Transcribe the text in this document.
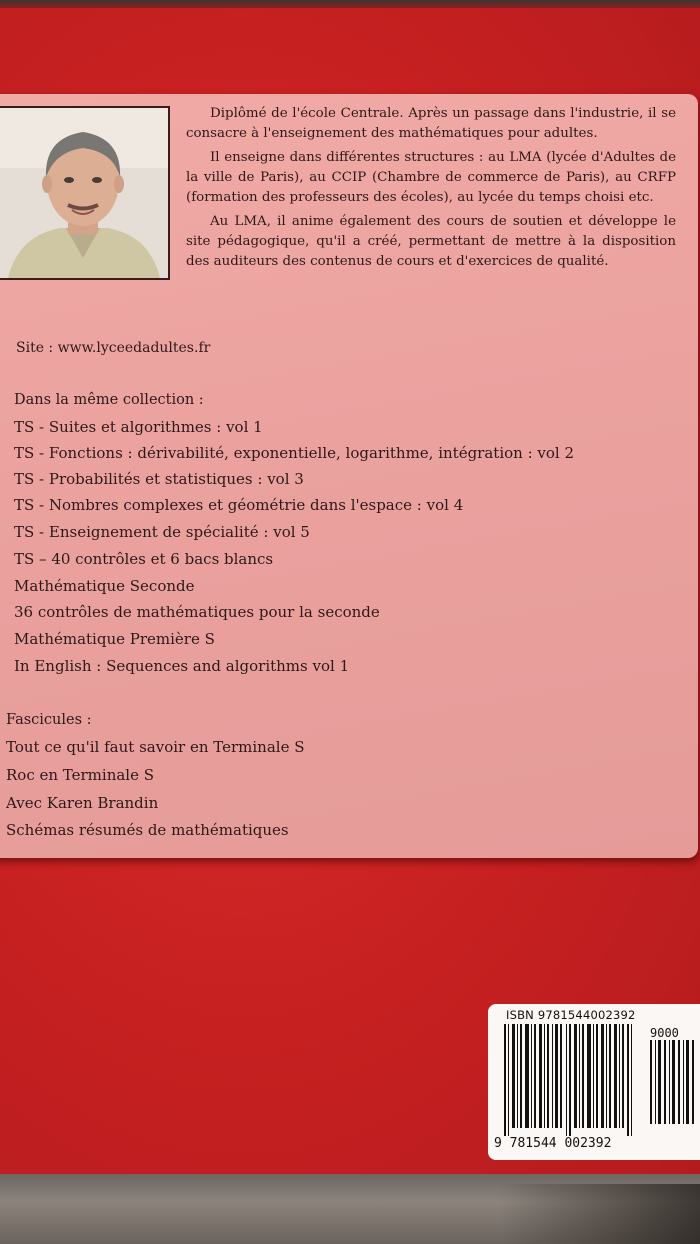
Diplômé de l'école Centrale. Après un passage dans l'industrie, il se consacre à l'enseignement des mathématiques pour adultes.

Il enseigne dans différentes structures : au LMA (lycée d'Adultes de la ville de Paris), au CCIP (Chambre de commerce de Paris), au CRFP (formation des professeurs des écoles), au lycée du temps choisi etc.

Au LMA, il anime également des cours de soutien et développe le site pédagogique, qu'il a créé, permettant de mettre à la disposition des auditeurs des contenus de cours et d'exercices de qualité.

Site : www.lyceedadultes.fr
Dans la même collection :
TS - Suites et algorithmes : vol 1
TS - Fonctions : dérivabilité, exponentielle, logarithme, intégration : vol 2
TS - Probabilités et statistiques : vol 3
TS - Nombres complexes et géométrie dans l'espace : vol 4
TS - Enseignement de spécialité : vol 5
TS – 40 contrôles et 6 bacs blancs
Mathématique Seconde
36 contrôles de mathématiques pour la seconde
Mathématique Première S
In English : Sequences and algorithms vol 1
Fascicules :
Tout ce qu'il faut savoir en Terminale S
Roc en Terminale S
Avec Karen Brandin
Schémas résumés de mathématiques
ISBN 9781544002392
9000
9 781544 002392
